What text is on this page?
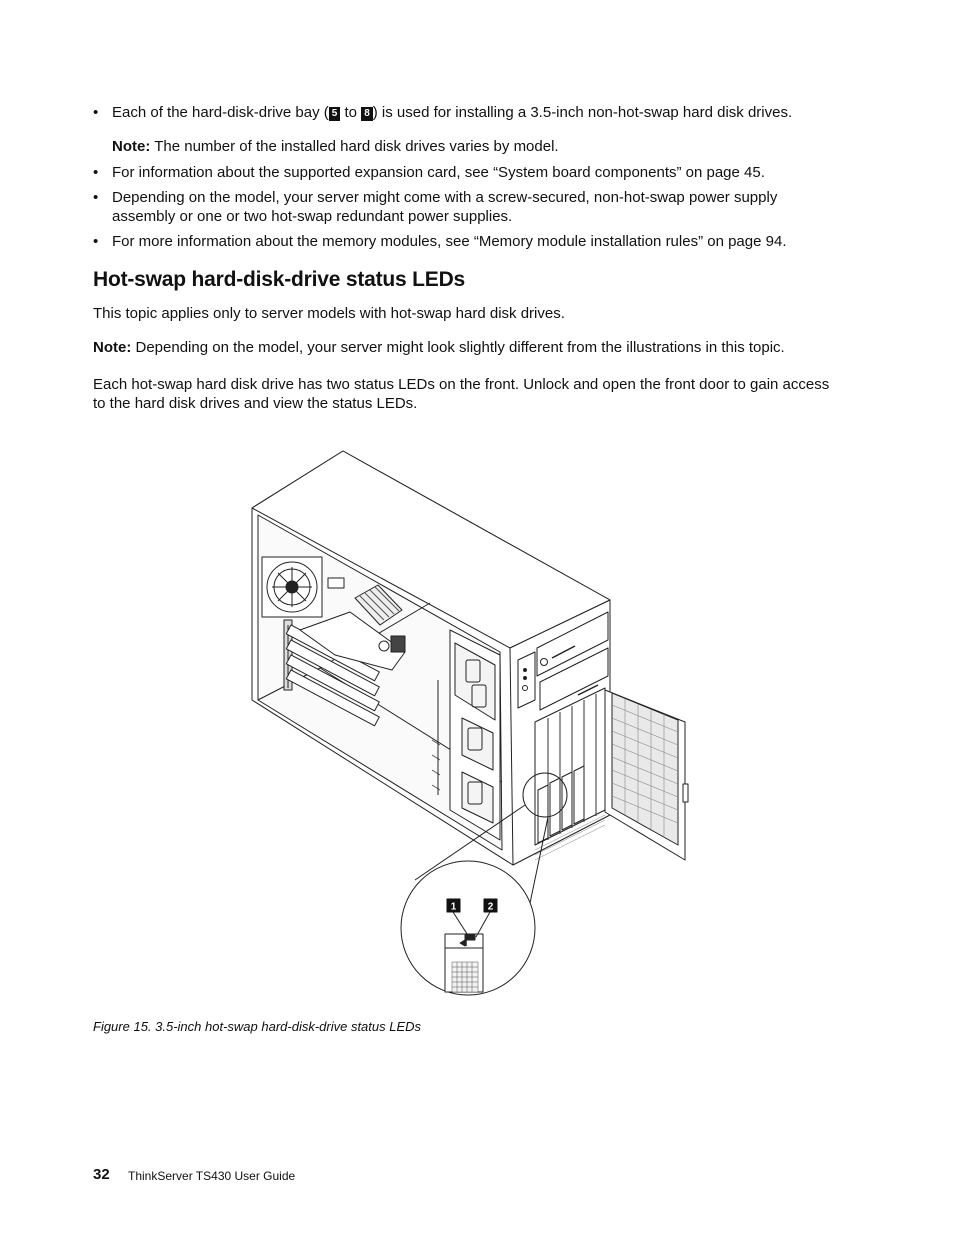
• Each of the hard-disk-drive bay ( 5 to 8 ) is used for installing a 3.5-inch non-hot-swap hard disk drives.
Note: The number of the installed hard disk drives varies by model.
• For information about the supported expansion card, see “System board components” on page 45.
• Depending on the model, your server might come with a screw-secured, non-hot-swap power supply assembly or one or two hot-swap redundant power supplies.
• For more information about the memory modules, see “Memory module installation rules” on page 94.
Hot-swap hard-disk-drive status LEDs
This topic applies only to server models with hot-swap hard disk drives.
Note: Depending on the model, your server might look slightly different from the illustrations in this topic.
Each hot-swap hard disk drive has two status LEDs on the front. Unlock and open the front door to gain access to the hard disk drives and view the status LEDs.
1	2
Figure 15. 3.5-inch hot-swap hard-disk-drive status LEDs
32 ThinkServer TS430 User Guide
